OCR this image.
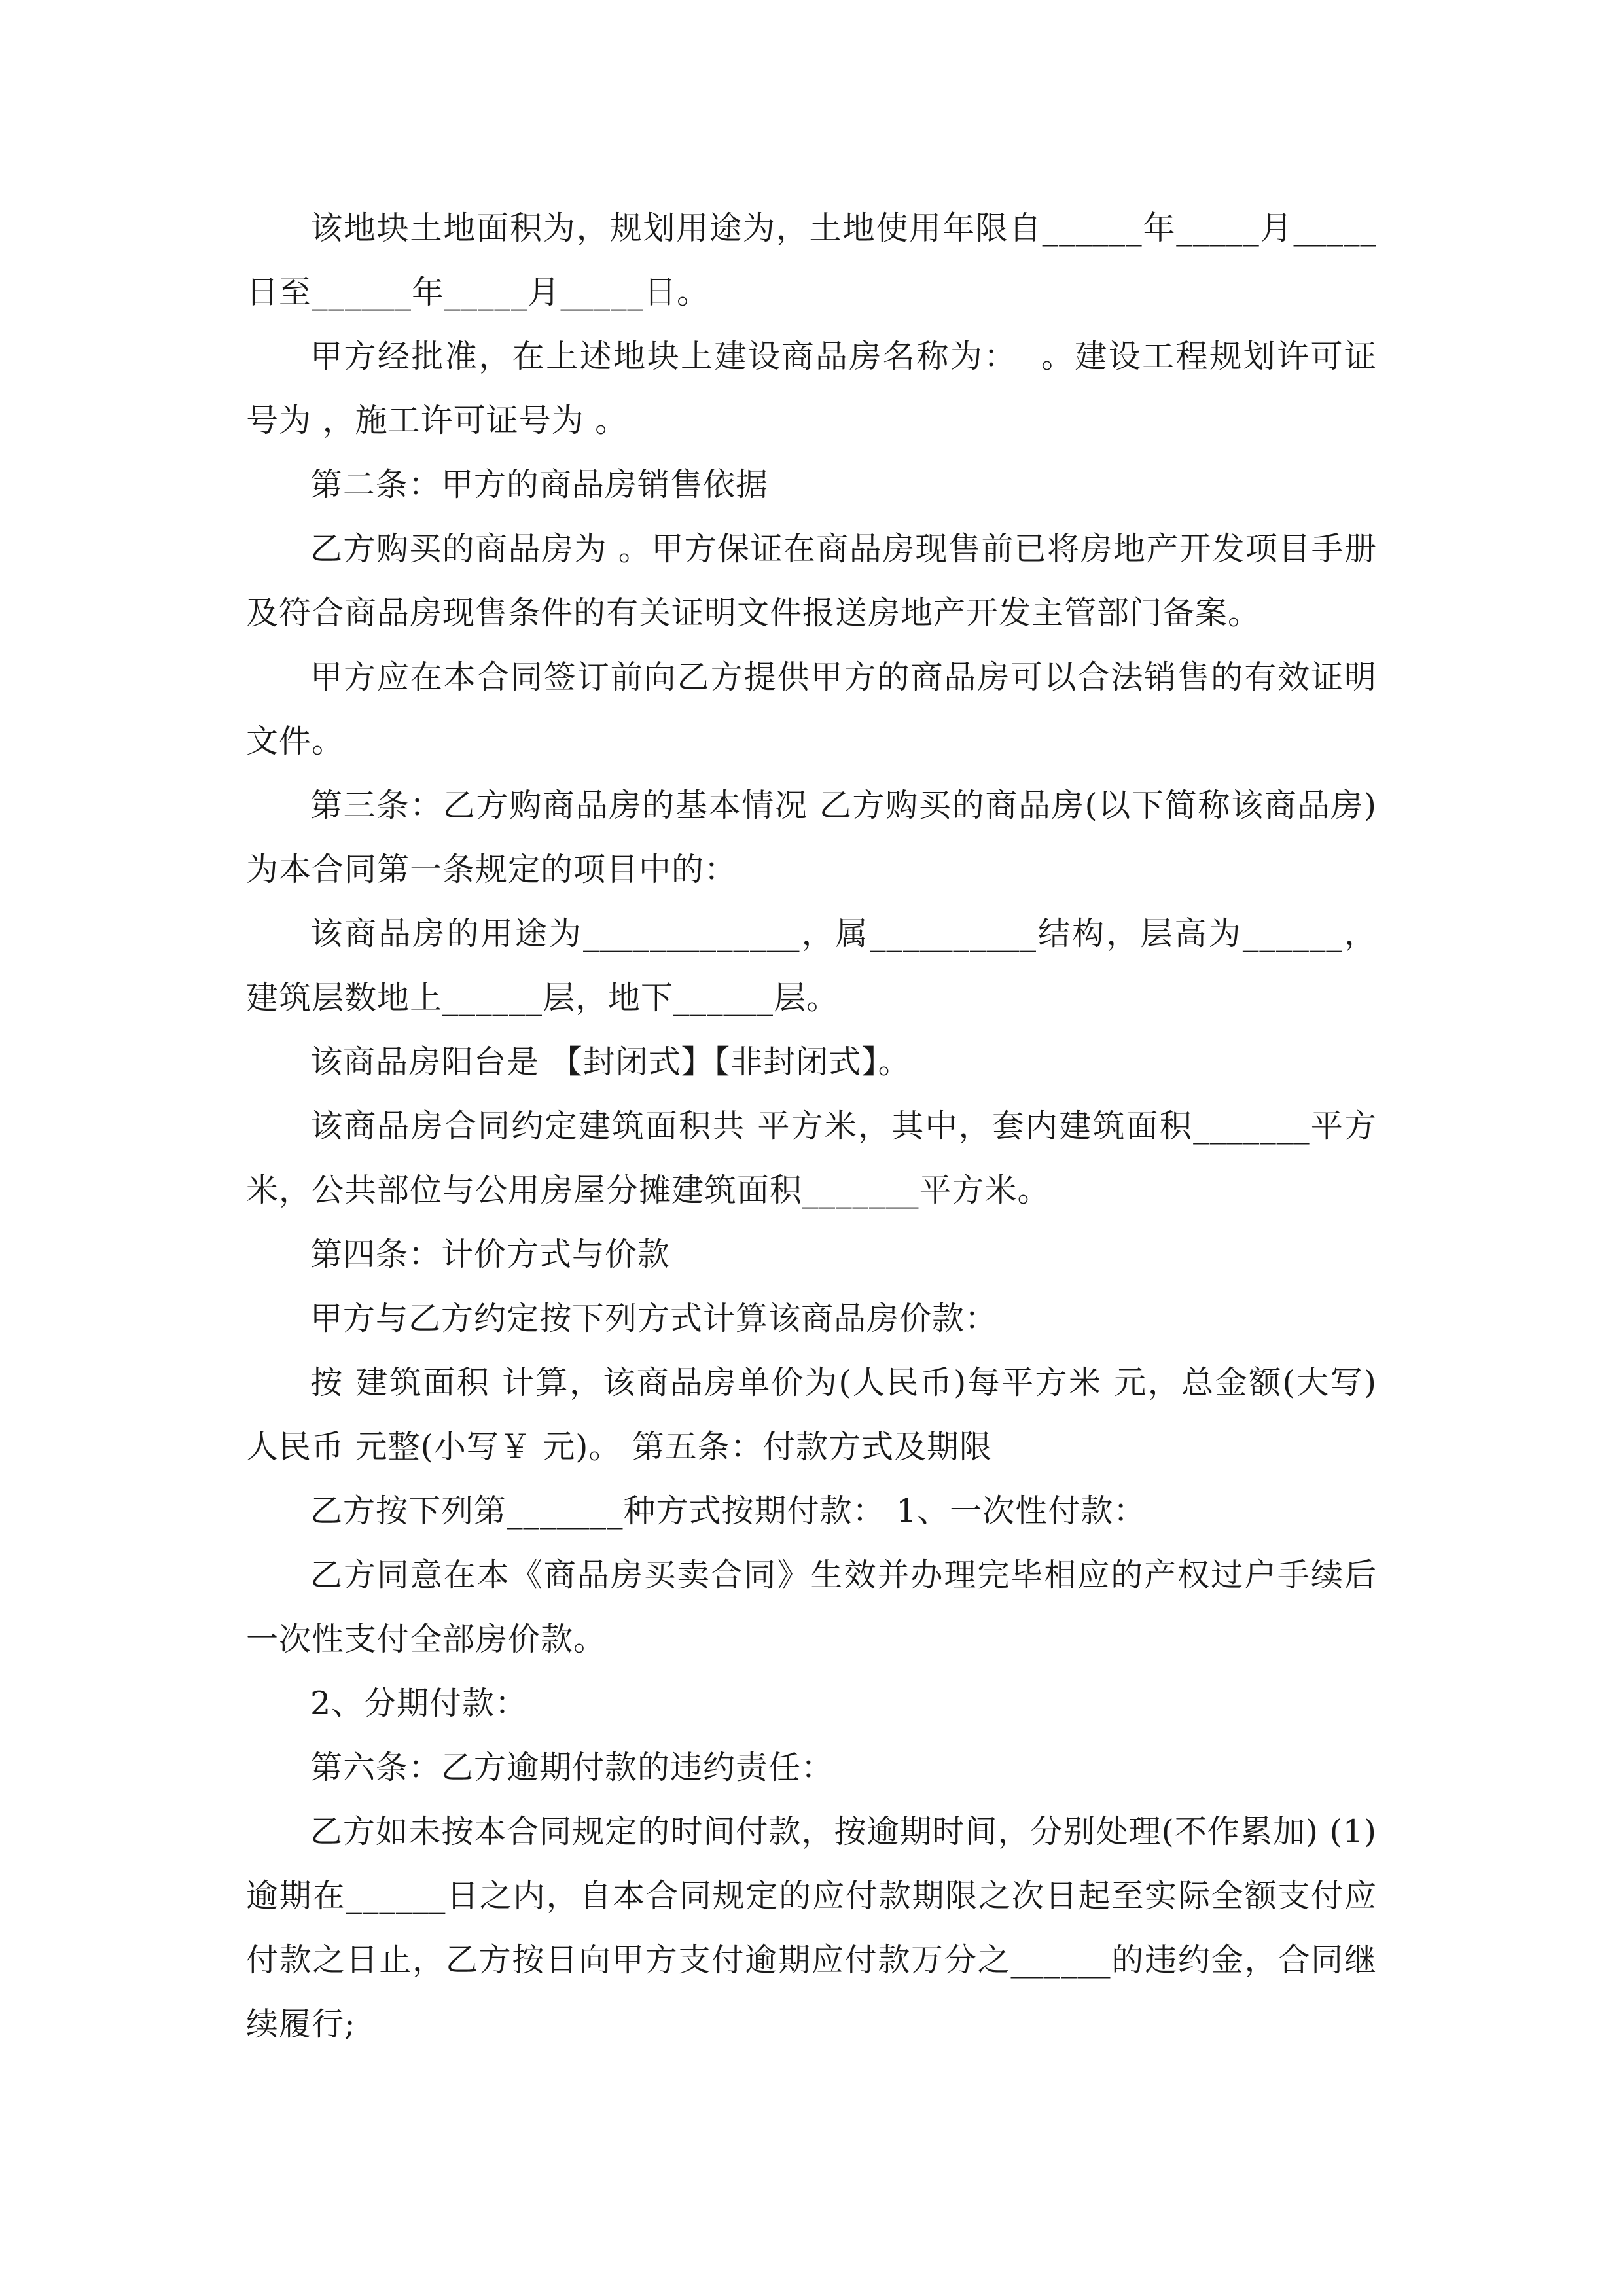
该地块土地面积为，规划用途为，土地使用年限自______年_____月_____日至______年_____月_____日。

甲方经批准，在上述地块上建设商品房名称为：  。建设工程规划许可证号为 ，施工许可证号为 。

第二条：甲方的商品房销售依据

乙方购买的商品房为 。甲方保证在商品房现售前已将房地产开发项目手册及符合商品房现售条件的有关证明文件报送房地产开发主管部门备案。

甲方应在本合同签订前向乙方提供甲方的商品房可以合法销售的有效证明文件。

第三条：乙方购商品房的基本情况 乙方购买的商品房(以下简称该商品房)为本合同第一条规定的项目中的：

该商品房的用途为_____________，属__________结构，层高为______，建筑层数地上______层，地下______层。

该商品房阳台是 【封闭式】【非封闭式】。

该商品房合同约定建筑面积共 平方米，其中，套内建筑面积_______平方米，公共部位与公用房屋分摊建筑面积_______平方米。

第四条：计价方式与价款

甲方与乙方约定按下列方式计算该商品房价款：

按 建筑面积 计算，该商品房单价为(人民币)每平方米 元，总金额(大写)人民币 元整(小写￥ 元)。 第五条：付款方式及期限

乙方按下列第_______种方式按期付款： 1、一次性付款：

乙方同意在本《商品房买卖合同》生效并办理完毕相应的产权过户手续后一次性支付全部房价款。

2、分期付款：

第六条：乙方逾期付款的违约责任：

乙方如未按本合同规定的时间付款，按逾期时间，分别处理(不作累加) (1)逾期在______日之内，自本合同规定的应付款期限之次日起至实际全额支付应付款之日止，乙方按日向甲方支付逾期应付款万分之______的违约金，合同继续履行;
